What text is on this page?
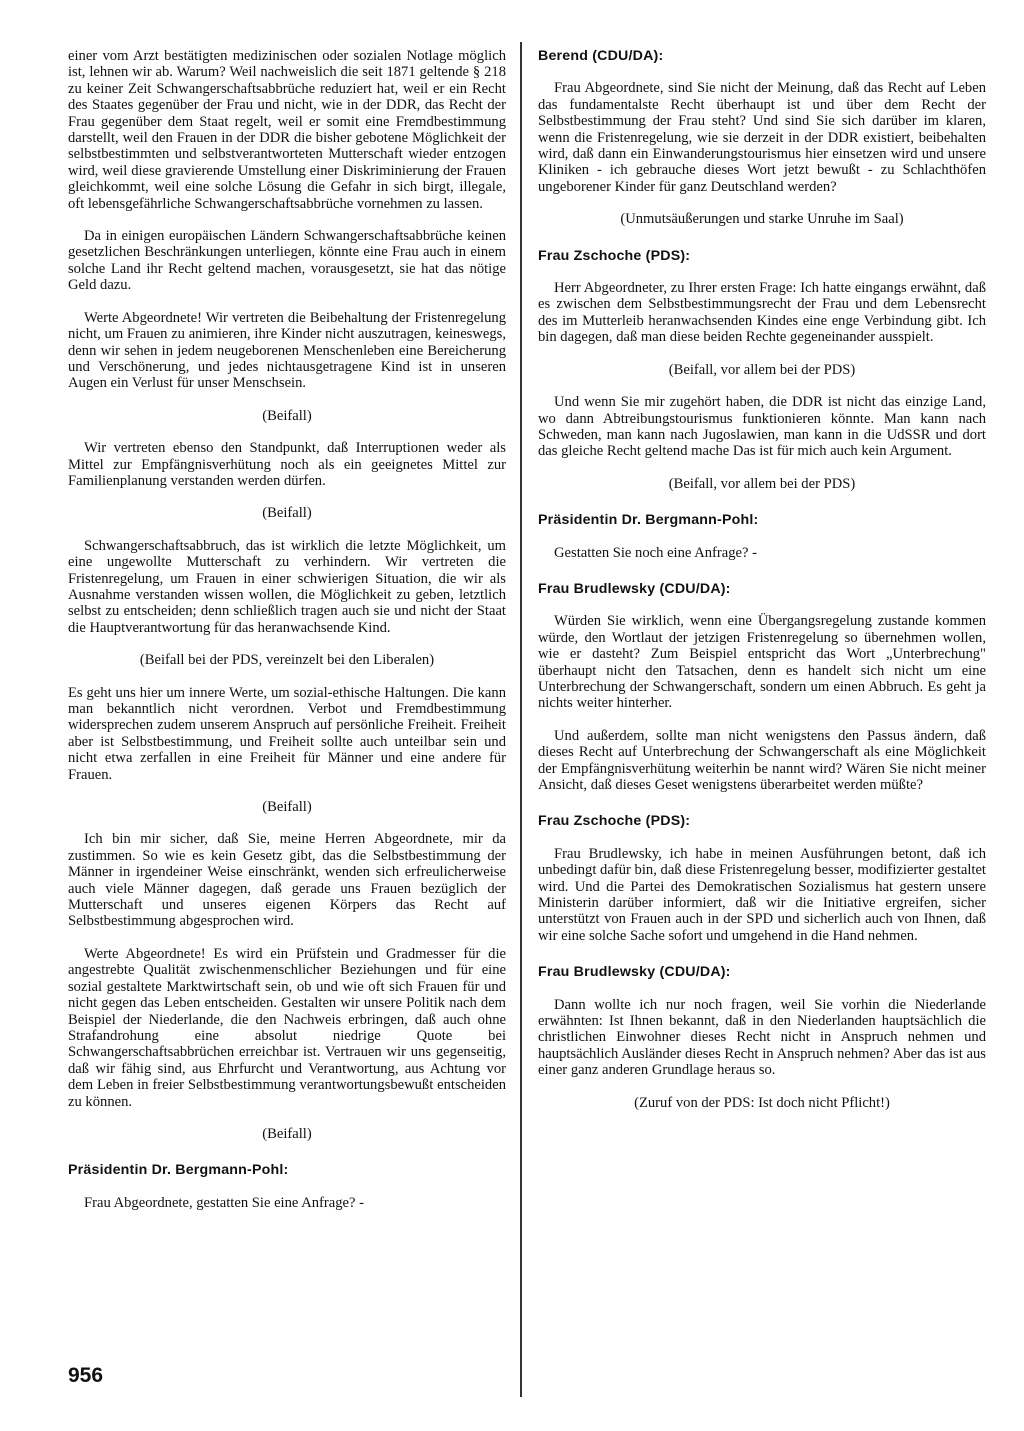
einer vom Arzt bestätigten medizinischen oder sozialen Notlage möglich ist, lehnen wir ab. Warum? Weil nachweislich die seit 1871 geltende § 218 zu keiner Zeit Schwangerschaftsabbrüche reduziert hat, weil er ein Recht des Staates gegenüber der Frau und nicht, wie in der DDR, das Recht der Frau gegenüber dem Staat regelt, weil er somit eine Fremdbestimmung darstellt, weil den Frauen in der DDR die bisher gebotene Möglichkeit der selbstbestimmten und selbstverantworteten Mutterschaft wieder entzogen wird, weil diese gravierende Umstellung einer Diskriminierung der Frauen gleichkommt, weil eine solche Lösung die Gefahr in sich birgt, illegale, oft lebensgefährliche Schwangerschaftsabbrüche vornehmen zu lassen.

Da in einigen europäischen Ländern Schwangerschaftsabbrüche keinen gesetzlichen Beschränkungen unterliegen, könnte eine Frau auch in einem solche Land ihr Recht geltend machen, vorausgesetzt, sie hat das nötige Geld dazu.

Werte Abgeordnete! Wir vertreten die Beibehaltung der Fristenregelung nicht, um Frauen zu animieren, ihre Kinder nicht auszutragen, keineswegs, denn wir sehen in jedem neugeborenen Menschenleben eine Bereicherung und Verschönerung, und jedes nichtausgetragene Kind ist in unseren Augen ein Verlust für unser Menschsein.

(Beifall)

Wir vertreten ebenso den Standpunkt, daß Interruptionen weder als Mittel zur Empfängnisverhütung noch als ein geeignetes Mittel zur Familienplanung verstanden werden dürfen.

(Beifall)

Schwangerschaftsabbruch, das ist wirklich die letzte Möglichkeit, um eine ungewollte Mutterschaft zu verhindern. Wir vertreten die Fristenregelung, um Frauen in einer schwierigen Situation, die wir als Ausnahme verstanden wissen wollen, die Möglichkeit zu geben, letztlich selbst zu entscheiden; denn schließlich tragen auch sie und nicht der Staat die Hauptverantwortung für das heranwachsende Kind.

(Beifall bei der PDS, vereinzelt bei den Liberalen)

Es geht uns hier um innere Werte, um sozial-ethische Haltungen. Die kann man bekanntlich nicht verordnen. Verbot und Fremdbestimmung widersprechen zudem unserem Anspruch auf persönliche Freiheit. Freiheit aber ist Selbstbestimmung, und Freiheit sollte auch unteilbar sein und nicht etwa zerfallen in eine Freiheit für Männer und eine andere für Frauen.

(Beifall)

Ich bin mir sicher, daß Sie, meine Herren Abgeordnete, mir da zustimmen. So wie es kein Gesetz gibt, das die Selbstbestimmung der Männer in irgendeiner Weise einschränkt, wenden sich erfreulicherweise auch viele Männer dagegen, daß gerade uns Frauen bezüglich der Mutterschaft und unseres eigenen Körpers das Recht auf Selbstbestimmung abgesprochen wird.

Werte Abgeordnete! Es wird ein Prüfstein und Gradmesser für die angestrebte Qualität zwischenmenschlicher Beziehungen und für eine sozial gestaltete Marktwirtschaft sein, ob und wie oft sich Frauen für und nicht gegen das Leben entscheiden. Gestalten wir unsere Politik nach dem Beispiel der Niederlande, die den Nachweis erbringen, daß auch ohne Strafandrohung eine absolut niedrige Quote bei Schwangerschaftsabbrüchen erreichbar ist. Vertrauen wir uns gegenseitig, daß wir fähig sind, aus Ehrfurcht und Verantwortung, aus Achtung vor dem Leben in freier Selbstbestimmung verantwortungsbewußt entscheiden zu können.

(Beifall)

Präsidentin Dr. Bergmann-Pohl:

Frau Abgeordnete, gestatten Sie eine Anfrage? -

Berend (CDU/DA):

Frau Abgeordnete, sind Sie nicht der Meinung, daß das Recht auf Leben das fundamentalste Recht überhaupt ist und über dem Recht der Selbstbestimmung der Frau steht? Und sind Sie sich darüber im klaren, wenn die Fristenregelung, wie sie derzeit in der DDR existiert, beibehalten wird, daß dann ein Einwanderungstourismus hier einsetzen wird und unsere Kliniken - ich gebrauche dieses Wort jetzt bewußt - zu Schlachthöfen ungeborener Kinder für ganz Deutschland werden?

(Unmutsäußerungen und starke Unruhe im Saal)

Frau Zschoche (PDS):

Herr Abgeordneter, zu Ihrer ersten Frage: Ich hatte eingangs erwähnt, daß es zwischen dem Selbstbestimmungsrecht der Frau und dem Lebensrecht des im Mutterleib heranwachsenden Kindes eine enge Verbindung gibt. Ich bin dagegen, daß man diese beiden Rechte gegeneinander ausspielt.

(Beifall, vor allem bei der PDS)

Und wenn Sie mir zugehört haben, die DDR ist nicht das einzige Land, wo dann Abtreibungstourismus funktionieren könnte. Man kann nach Schweden, man kann nach Jugoslawien, man kann in die UdSSR und dort das gleiche Recht geltend mache Das ist für mich auch kein Argument.

(Beifall, vor allem bei der PDS)

Präsidentin Dr. Bergmann-Pohl:

Gestatten Sie noch eine Anfrage? -

Frau Brudlewsky (CDU/DA):

Würden Sie wirklich, wenn eine Übergangsregelung zustande kommen würde, den Wortlaut der jetzigen Fristenregelung so übernehmen wollen, wie er dasteht? Zum Beispiel entspricht das Wort „Unterbrechung" überhaupt nicht den Tatsachen, denn es handelt sich nicht um eine Unterbrechung der Schwangerschaft, sondern um einen Abbruch. Es geht ja nichts weiter hinterher.

Und außerdem, sollte man nicht wenigstens den Passus ändern, daß dieses Recht auf Unterbrechung der Schwangerschaft als eine Möglichkeit der Empfängnisverhütung weiterhin be nannt wird? Wären Sie nicht meiner Ansicht, daß dieses Geset wenigstens überarbeitet werden müßte?

Frau Zschoche (PDS):

Frau Brudlewsky, ich habe in meinen Ausführungen betont, daß ich unbedingt dafür bin, daß diese Fristenregelung besser, modifizierter gestaltet wird. Und die Partei des Demokratischen Sozialismus hat gestern unsere Ministerin darüber informiert, daß wir die Initiative ergreifen, sicher unterstützt von Frauen auch in der SPD und sicherlich auch von Ihnen, daß wir eine solche Sache sofort und umgehend in die Hand nehmen.

Frau Brudlewsky (CDU/DA):

Dann wollte ich nur noch fragen, weil Sie vorhin die Niederlande erwähnten: Ist Ihnen bekannt, daß in den Niederlanden hauptsächlich die christlichen Einwohner dieses Recht nicht in Anspruch nehmen und hauptsächlich Ausländer dieses Recht in Anspruch nehmen? Aber das ist aus einer ganz anderen Grundlage heraus so.

(Zuruf von der PDS: Ist doch nicht Pflicht!)

956
